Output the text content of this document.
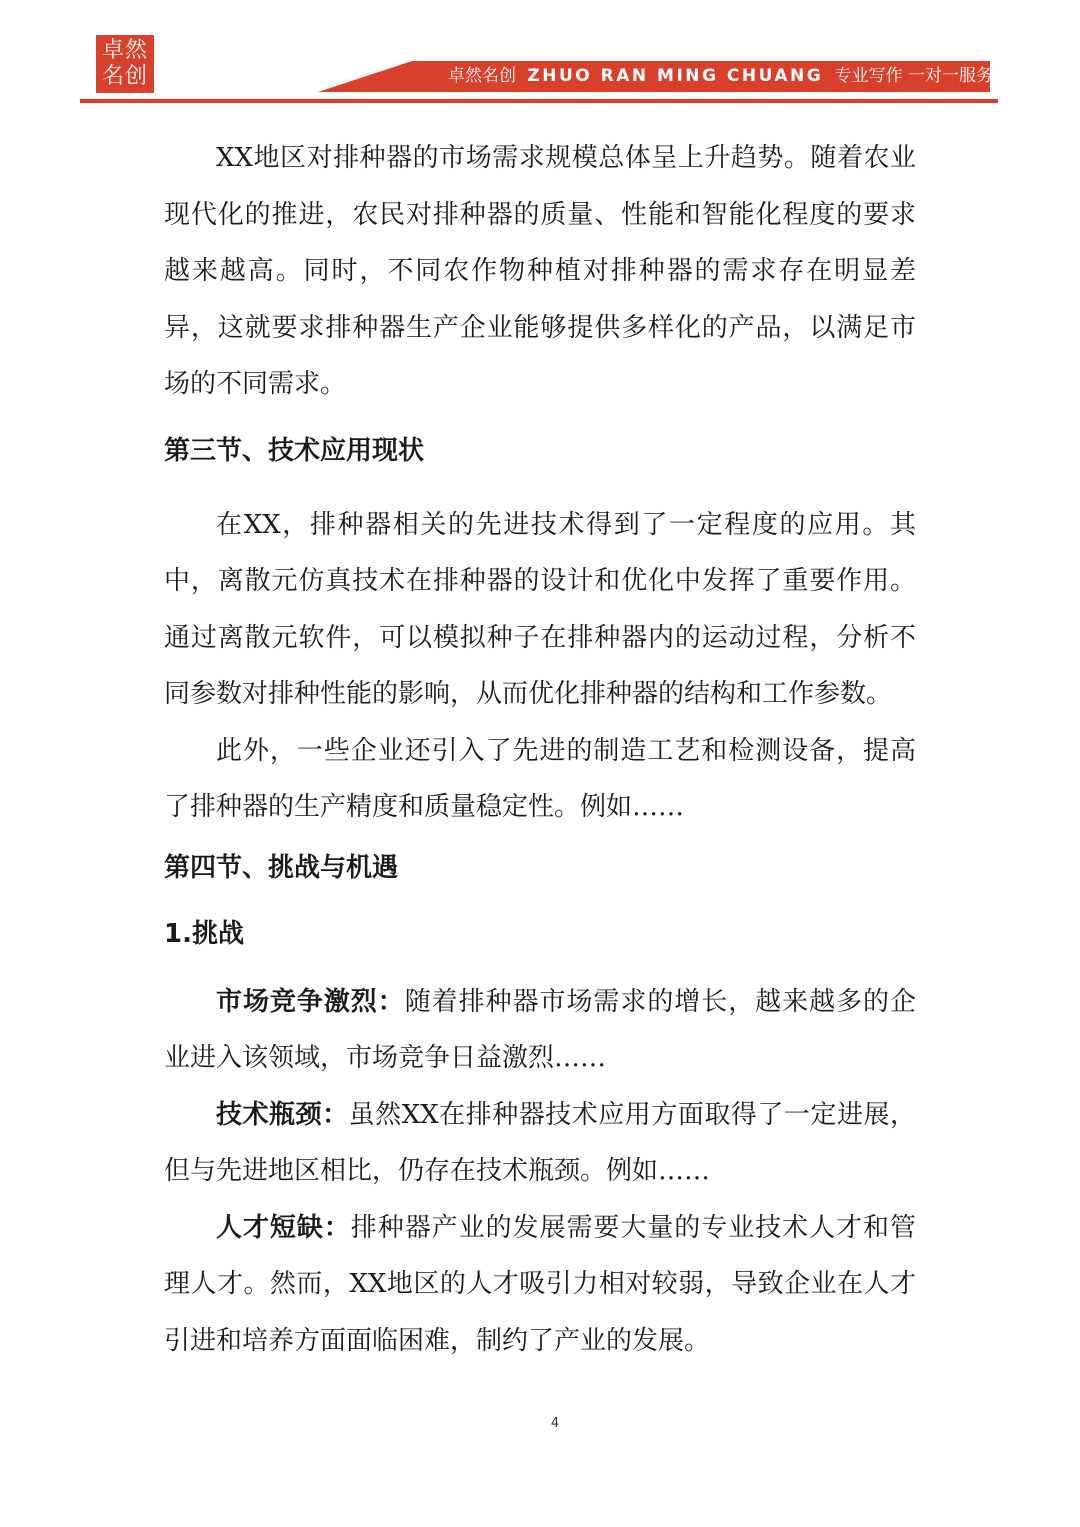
卓然
名创	卓然名创 ZHUO RAN MING CHUANG 专业写作 一对一服务

XX地区对排种器的市场需求规模总体呈上升趋势。随着农业现代化的推进，农民对排种器的质量、性能和智能化程度的要求越来越高。同时，不同农作物种植对排种器的需求存在明显差异，这就要求排种器生产企业能够提供多样化的产品，以满足市场的不同需求。

第三节、技术应用现状

在XX，排种器相关的先进技术得到了一定程度的应用。其中，离散元仿真技术在排种器的设计和优化中发挥了重要作用。通过离散元软件，可以模拟种子在排种器内的运动过程，分析不同参数对排种性能的影响，从而优化排种器的结构和工作参数。

此外，一些企业还引入了先进的制造工艺和检测设备，提高了排种器的生产精度和质量稳定性。例如……

第四节、挑战与机遇
1.挑战

市场竞争激烈：随着排种器市场需求的增长，越来越多的企业进入该领域，市场竞争日益激烈……

技术瓶颈：虽然XX在排种器技术应用方面取得了一定进展，但与先进地区相比，仍存在技术瓶颈。例如……

人才短缺：排种器产业的发展需要大量的专业技术人才和管理人才。然而，XX地区的人才吸引力相对较弱，导致企业在人才引进和培养方面面临困难，制约了产业的发展。

4
